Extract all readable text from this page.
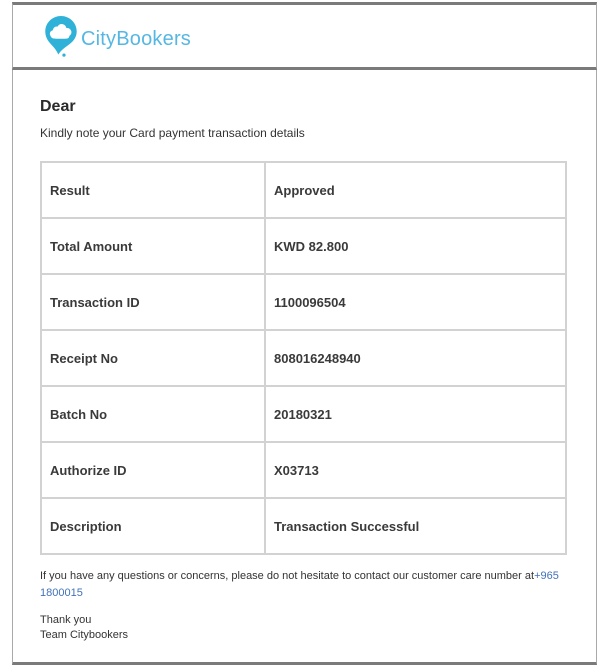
CityBookers
Dear

Kindly note your Card payment transaction details

Result	Approved
Total Amount	KWD 82.800
Transaction ID	1100096504
Receipt No	808016248940
Batch No	20180321
Authorize ID	X03713
Description	Transaction Successful

If you have any questions or concerns, please do not hesitate to contact our customer care number at+965 1800015

Thank you
Team Citybookers
